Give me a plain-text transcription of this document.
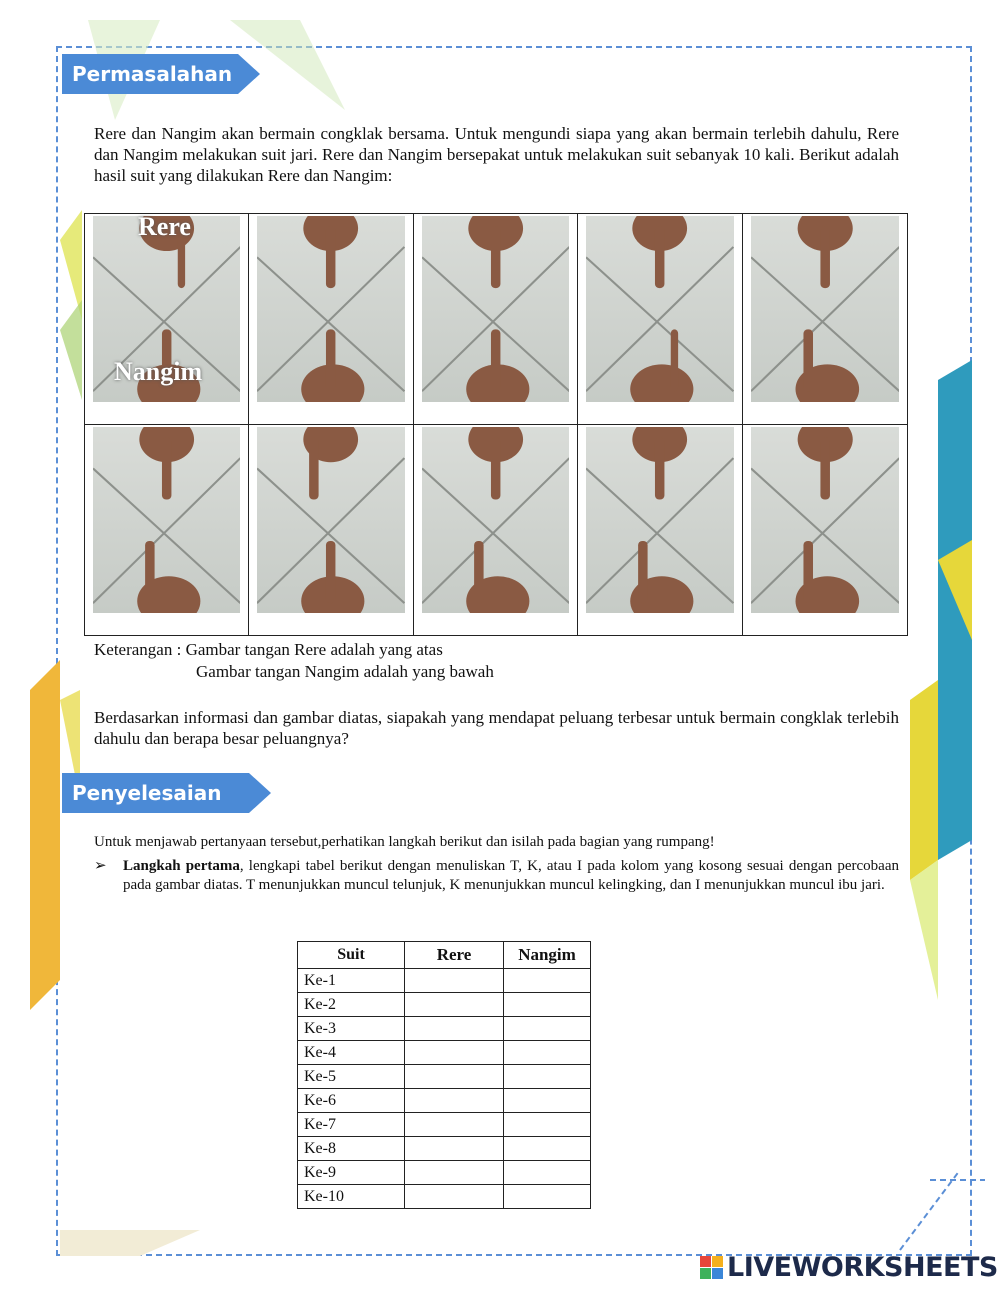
Permasalahan

Rere dan Nangim akan bermain congklak bersama. Untuk mengundi siapa yang akan bermain terlebih dahulu, Rere dan Nangim melakukan suit jari. Rere dan Nangim bersepakat untuk melakukan suit sebanyak 10 kali. Berikut adalah hasil suit yang dilakukan Rere dan Nangim:

Rere
Nangim
Keterangan : Gambar tangan Rere adalah yang atas
Gambar tangan Nangim adalah yang bawah

Berdasarkan informasi dan gambar diatas, siapakah yang mendapat peluang terbesar untuk bermain congklak terlebih dahulu dan berapa besar peluangnya?

Penyelesaian
Untuk menjawab pertanyaan tersebut,perhatikan langkah berikut dan isilah pada bagian yang rumpang!
➢ Langkah pertama, lengkapi tabel berikut dengan menuliskan T, K, atau I pada kolom yang kosong sesuai dengan percobaan pada gambar diatas. T menunjukkan muncul telunjuk, K menunjukkan muncul kelingking, dan I menunjukkan muncul ibu jari.
Suit	Rere	Nangim
Ke-1		
Ke-2		
Ke-3		
Ke-4		
Ke-5		
Ke-6		
Ke-7		
Ke-8		
Ke-9		
Ke-10		
LIVEWORKSHEETS
